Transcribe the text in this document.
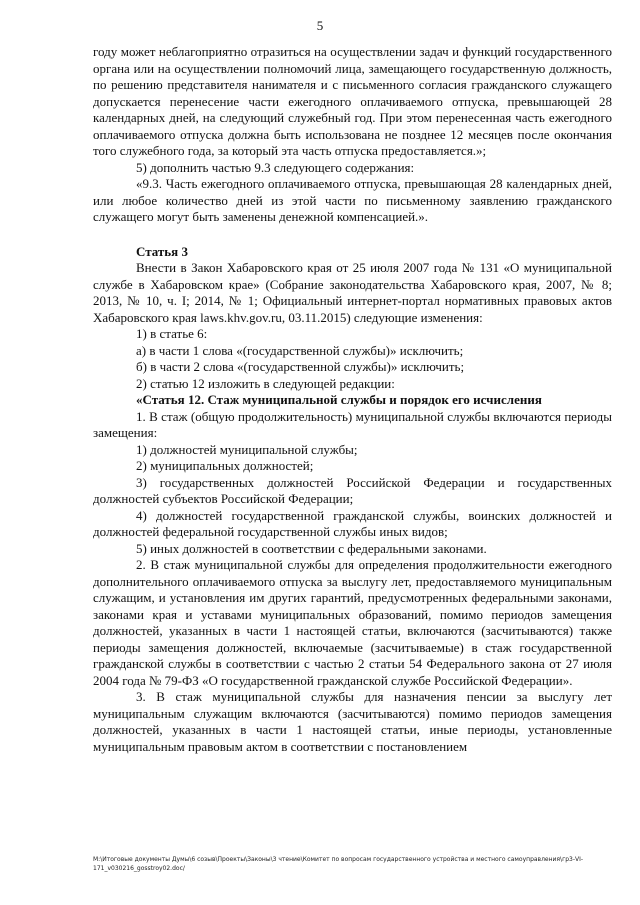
5

году может неблагоприятно отразиться на осуществлении задач и функций государственного органа или на осуществлении полномочий лица, замещающего государственную должность, по решению представителя нанимателя и с письменного согласия гражданского служащего допускается перенесение части ежегодного оплачиваемого отпуска, превышающей 28 календарных дней, на следующий служебный год. При этом перенесенная часть ежегодного оплачиваемого отпуска должна быть использована не позднее 12 месяцев после окончания того служебного года, за который эта часть отпуска предоставляется.»;

5) дополнить частью 9.3 следующего содержания:

«9.3. Часть ежегодного оплачиваемого отпуска, превышающая 28 календарных дней, или любое количество дней из этой части по письменному заявлению гражданского служащего могут быть заменены денежной компенсацией.».

Статья 3

Внести в Закон Хабаровского края от 25 июля 2007 года № 131 «О муниципальной службе в Хабаровском крае» (Собрание законодательства Хабаровского края, 2007, № 8; 2013, № 10, ч. I; 2014, № 1; Официальный интернет-портал нормативных правовых актов Хабаровского края laws.khv.gov.ru, 03.11.2015) следующие изменения:

1) в статье 6:

а) в части 1 слова «(государственной службы)» исключить;

б) в части 2 слова «(государственной службы)» исключить;

2) статью 12 изложить в следующей редакции:

«Статья 12. Стаж муниципальной службы и порядок его исчисления

1. В стаж (общую продолжительность) муниципальной службы включаются периоды замещения:

1) должностей муниципальной службы;

2) муниципальных должностей;

3) государственных должностей Российской Федерации и государственных должностей субъектов Российской Федерации;

4) должностей государственной гражданской службы, воинских должностей и должностей федеральной государственной службы иных видов;

5) иных должностей в соответствии с федеральными законами.

2. В стаж муниципальной службы для определения продолжительности ежегодного дополнительного оплачиваемого отпуска за выслугу лет, предоставляемого муниципальным служащим, и установления им других гарантий, предусмотренных федеральными законами, законами края и уставами муниципальных образований, помимо периодов замещения должностей, указанных в части 1 настоящей статьи, включаются (засчитываются) также периоды замещения должностей, включаемые (засчитываемые) в стаж государственной гражданской службы в соответствии с частью 2 статьи 54 Федерального закона от 27 июля 2004 года № 79-ФЗ «О государственной гражданской службе Российской Федерации».

3. В стаж муниципальной службы для назначения пенсии за выслугу лет муниципальным служащим включаются (засчитываются) помимо периодов замещения должностей, указанных в части 1 настоящей статьи, иные периоды, установленные муниципальным правовым актом в соответствии с постановлением

M:\Итоговые документы Думы\6 созыв\Проекты\Законы\3 чтение\Комитет по вопросам государственного устройства и местного самоуправления\гр3-VI-171_v030216_gosstroy02.doc/
